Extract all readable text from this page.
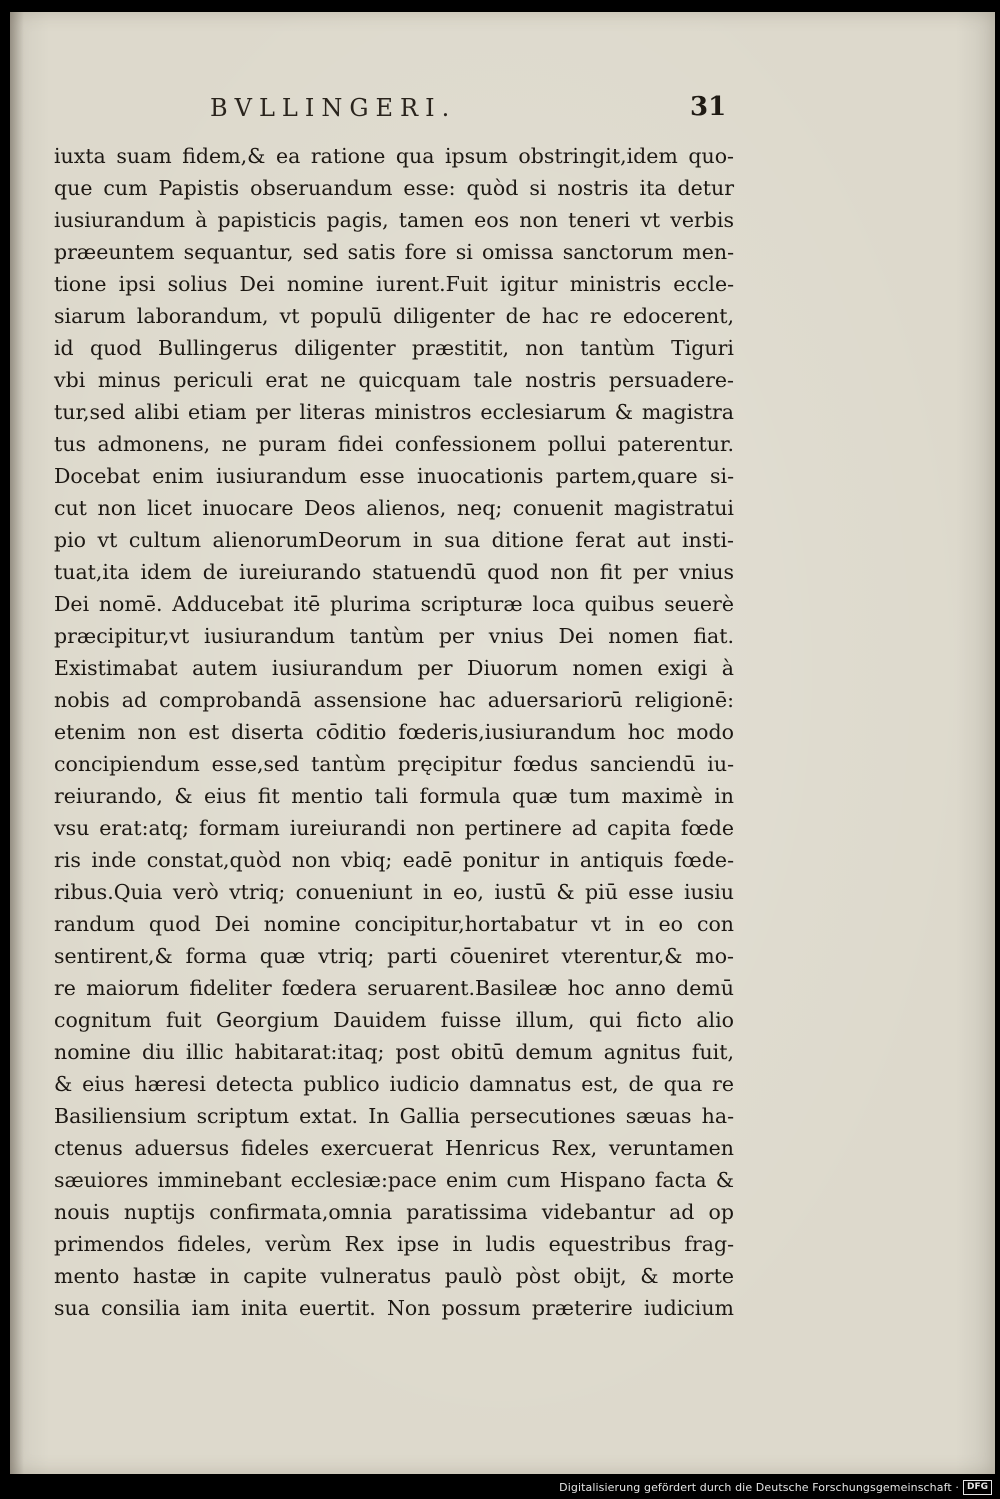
BVLLINGERI.	31
iuxta suam fidem,& ea ratione qua ipsum obstringit,idem quo-
que cum Papistis obseruandum esse: quòd si nostris ita detur
iusiurandum à papisticis pagis, tamen eos non teneri vt verbis
præeuntem sequantur, sed satis fore si omissa sanctorum men-
tione ipsi solius Dei nomine iurent.Fuit igitur ministris eccle-
siarum laborandum, vt populū diligenter de hac re edocerent,
id quod Bullingerus diligenter præstitit, non tantùm Tiguri
vbi minus periculi erat ne quicquam tale nostris persuadere-
tur,sed alibi etiam per literas ministros ecclesiarum & magistra
tus admonens, ne puram fidei confessionem pollui paterentur.
Docebat enim iusiurandum esse inuocationis partem,quare si-
cut non licet inuocare Deos alienos, neq; conuenit magistratui
pio vt cultum alienorumDeorum in sua ditione ferat aut insti-
tuat,ita idem de iureiurando statuendū quod non fit per vnius
Dei nomē. Adducebat itē plurima scripturæ loca quibus seuerè
præcipitur,vt iusiurandum tantùm per vnius Dei nomen fiat.
Existimabat autem iusiurandum per Diuorum nomen exigi à
nobis ad comprobandā assensione hac aduersariorū religionē:
etenim non est diserta cōditio fœderis,iusiurandum hoc modo
concipiendum esse,sed tantùm pręcipitur fœdus sanciendū iu-
reiurando, & eius fit mentio tali formula quæ tum maximè in
vsu erat:atq; formam iureiurandi non pertinere ad capita fœde
ris inde constat,quòd non vbiq; eadē ponitur in antiquis fœde-
ribus.Quia verò vtriq; conueniunt in eo, iustū & piū esse iusiu
randum quod Dei nomine concipitur,hortabatur vt in eo con
sentirent,& forma quæ vtriq; parti cōueniret vterentur,& mo-
re maiorum fideliter fœdera seruarent.Basileæ hoc anno demū
cognitum fuit Georgium Dauidem fuisse illum, qui ficto alio
nomine diu illic habitarat:itaq; post obitū demum agnitus fuit,
& eius hæresi detecta publico iudicio damnatus est, de qua re
Basiliensium scriptum extat. In Gallia persecutiones sæuas ha-
ctenus aduersus fideles exercuerat Henricus Rex, veruntamen
sæuiores imminebant ecclesiæ:pace enim cum Hispano facta &
nouis nuptijs confirmata,omnia paratissima videbantur ad op
primendos fideles, verùm Rex ipse in ludis equestribus frag-
mento hastæ in capite vulneratus paulò pòst obijt, & morte
sua consilia iam inita euertit. Non possum præterire iudicium
Digitalisierung gefördert durch die Deutsche Forschungsgemeinschaft · DFG
